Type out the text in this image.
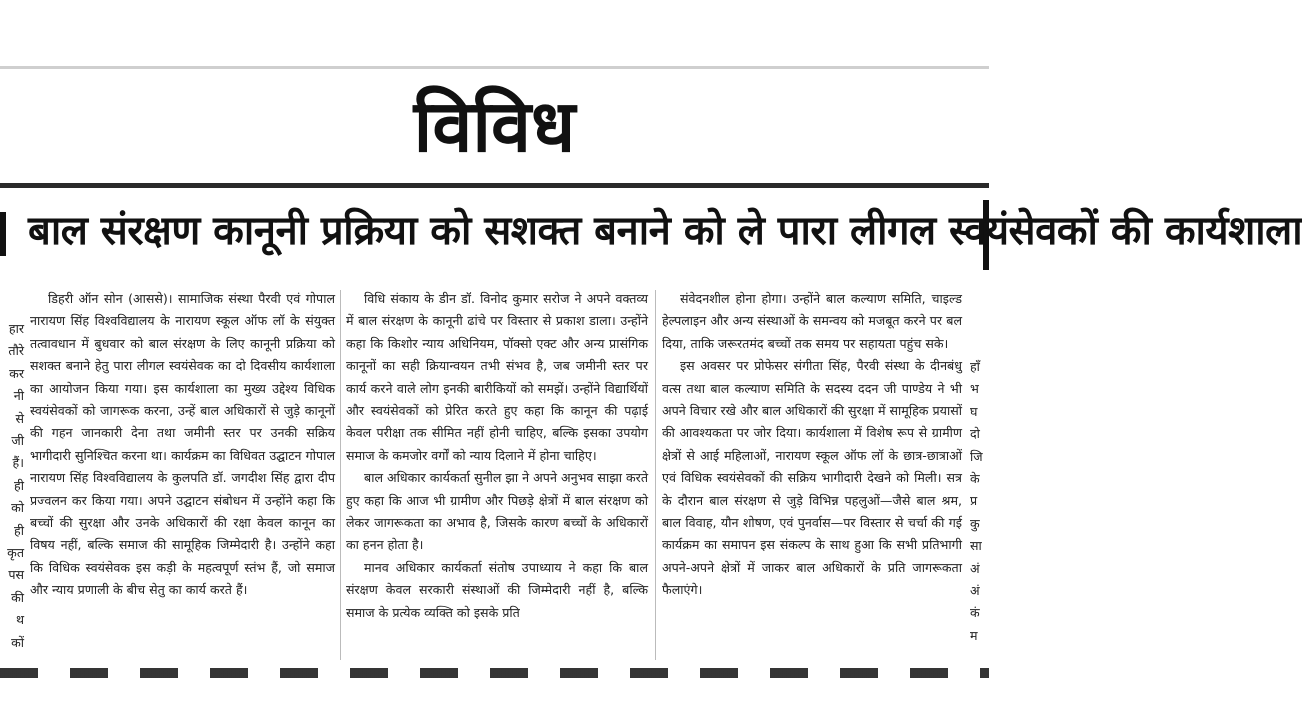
विविध
बाल संरक्षण कानूनी प्रक्रिया को सशक्त बनाने को ले पारा लीगल स्वयंसेवकों की कार्यशाला
हार
तौरे
कर
नी
से
जी
हैं।
ही
को
ही
कृत
पस
की
थ
कों

डिहरी ऑन सोन (आससे)। सामाजिक संस्था पैरवी एवं गोपाल नारायण सिंह विश्वविद्यालय के नारायण स्कूल ऑफ लॉ के संयुक्त तत्वावधान में बुधवार को बाल संरक्षण के लिए कानूनी प्रक्रिया को सशक्त बनाने हेतु पारा लीगल स्वयंसेवक का दो दिवसीय कार्यशाला का आयोजन किया गया। इस कार्यशाला का मुख्य उद्देश्य विधिक स्वयंसेवकों को जागरूक करना, उन्हें बाल अधिकारों से जुड़े कानूनों की गहन जानकारी देना तथा जमीनी स्तर पर उनकी सक्रिय भागीदारी सुनिश्चित करना था। कार्यक्रम का विधिवत उद्घाटन गोपाल नारायण सिंह विश्वविद्यालय के कुलपति डॉ. जगदीश सिंह द्वारा दीप प्रज्वलन कर किया गया। अपने उद्घाटन संबोधन में उन्होंने कहा कि बच्चों की सुरक्षा और उनके अधिकारों की रक्षा केवल कानून का विषय नहीं, बल्कि समाज की सामूहिक जिम्मेदारी है। उन्होंने कहा कि विधिक स्वयंसेवक इस कड़ी के महत्वपूर्ण स्तंभ हैं, जो समाज और न्याय प्रणाली के बीच सेतु का कार्य करते हैं।

विधि संकाय के डीन डॉ. विनोद कुमार सरोज ने अपने वक्तव्य में बाल संरक्षण के कानूनी ढांचे पर विस्तार से प्रकाश डाला। उन्होंने कहा कि किशोर न्याय अधिनियम, पॉक्सो एक्ट और अन्य प्रासंगिक कानूनों का सही क्रियान्वयन तभी संभव है, जब जमीनी स्तर पर कार्य करने वाले लोग इनकी बारीकियों को समझें। उन्होंने विद्यार्थियों और स्वयंसेवकों को प्रेरित करते हुए कहा कि कानून की पढ़ाई केवल परीक्षा तक सीमित नहीं होनी चाहिए, बल्कि इसका उपयोग समाज के कमजोर वर्गों को न्याय दिलाने में होना चाहिए।

बाल अधिकार कार्यकर्ता सुनील झा ने अपने अनुभव साझा करते हुए कहा कि आज भी ग्रामीण और पिछड़े क्षेत्रों में बाल संरक्षण को लेकर जागरूकता का अभाव है, जिसके कारण बच्चों के अधिकारों का हनन होता है।

मानव अधिकार कार्यकर्ता संतोष उपाध्याय ने कहा कि बाल संरक्षण केवल सरकारी संस्थाओं की जिम्मेदारी नहीं है, बल्कि समाज के प्रत्येक व्यक्ति को इसके प्रति

संवेदनशील होना होगा। उन्होंने बाल कल्याण समिति, चाइल्ड हेल्पलाइन और अन्य संस्थाओं के समन्वय को मजबूत करने पर बल दिया, ताकि जरूरतमंद बच्चों तक समय पर सहायता पहुंच सके।

इस अवसर पर प्रोफेसर संगीता सिंह, पैरवी संस्था के दीनबंधु वत्स तथा बाल कल्याण समिति के सदस्य ददन जी पाण्डेय ने भी अपने विचार रखे और बाल अधिकारों की सुरक्षा में सामूहिक प्रयासों की आवश्यकता पर जोर दिया। कार्यशाला में विशेष रूप से ग्रामीण क्षेत्रों से आई महिलाओं, नारायण स्कूल ऑफ लॉ के छात्र-छात्राओं एवं विधिक स्वयंसेवकों की सक्रिय भागीदारी देखने को मिली। सत्र के दौरान बाल संरक्षण से जुड़े विभिन्न पहलुओं—जैसे बाल श्रम, बाल विवाह, यौन शोषण, एवं पुनर्वास—पर विस्तार से चर्चा की गई कार्यक्रम का समापन इस संकल्प के साथ हुआ कि सभी प्रतिभागी अपने-अपने क्षेत्रों में जाकर बाल अधिकारों के प्रति जागरूकता फैलाएंगे।

हाँ
भ
घ
दो
जि
के
प्र
कु
सा
अं
अं
कं
म
